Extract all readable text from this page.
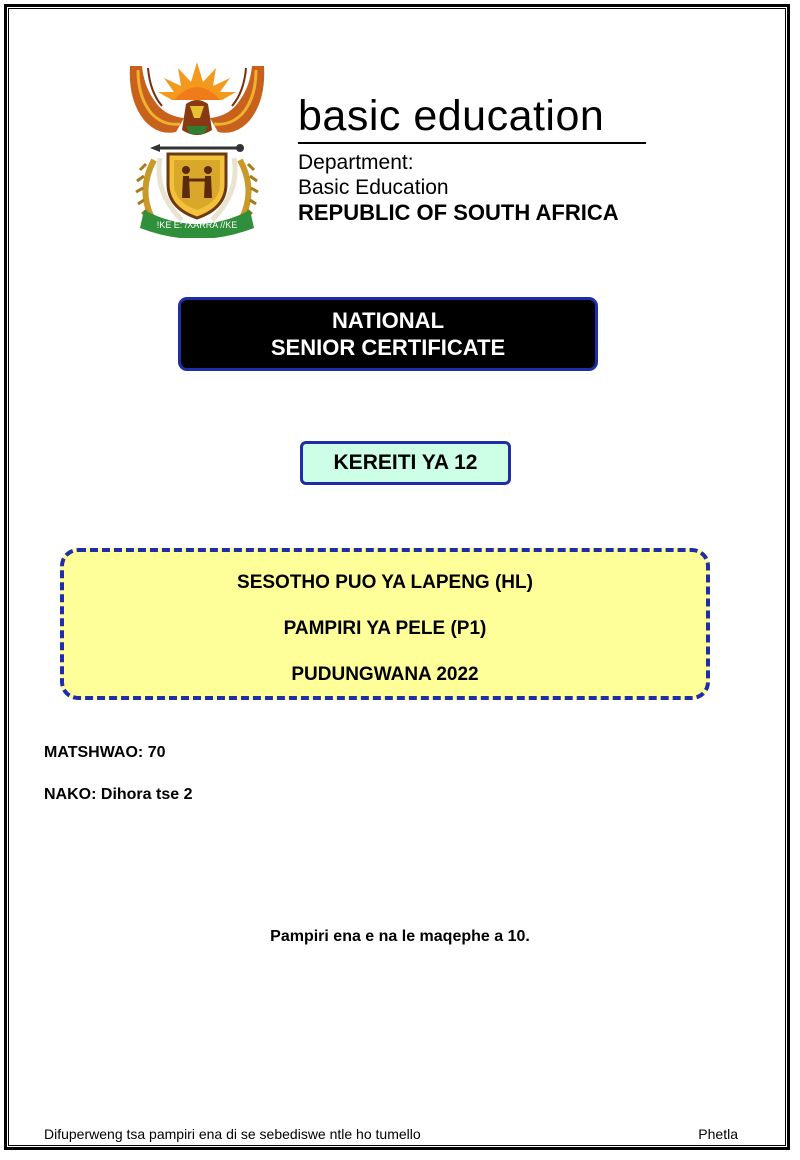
!KE E: /XARRA //KE
basic education
Department:
Basic Education
REPUBLIC OF SOUTH AFRICA
NATIONAL
SENIOR CERTIFICATE
KEREITI YA 12
SESOTHO PUO YA LAPENG (HL)
PAMPIRI YA PELE (P1)
PUDUNGWANA 2022
MATSHWAO: 70
NAKO: Dihora tse 2
Pampiri ena e na le maqephe a 10.
Difuperweng tsa pampiri ena di se sebediswe ntle ho tumello	Phetla
